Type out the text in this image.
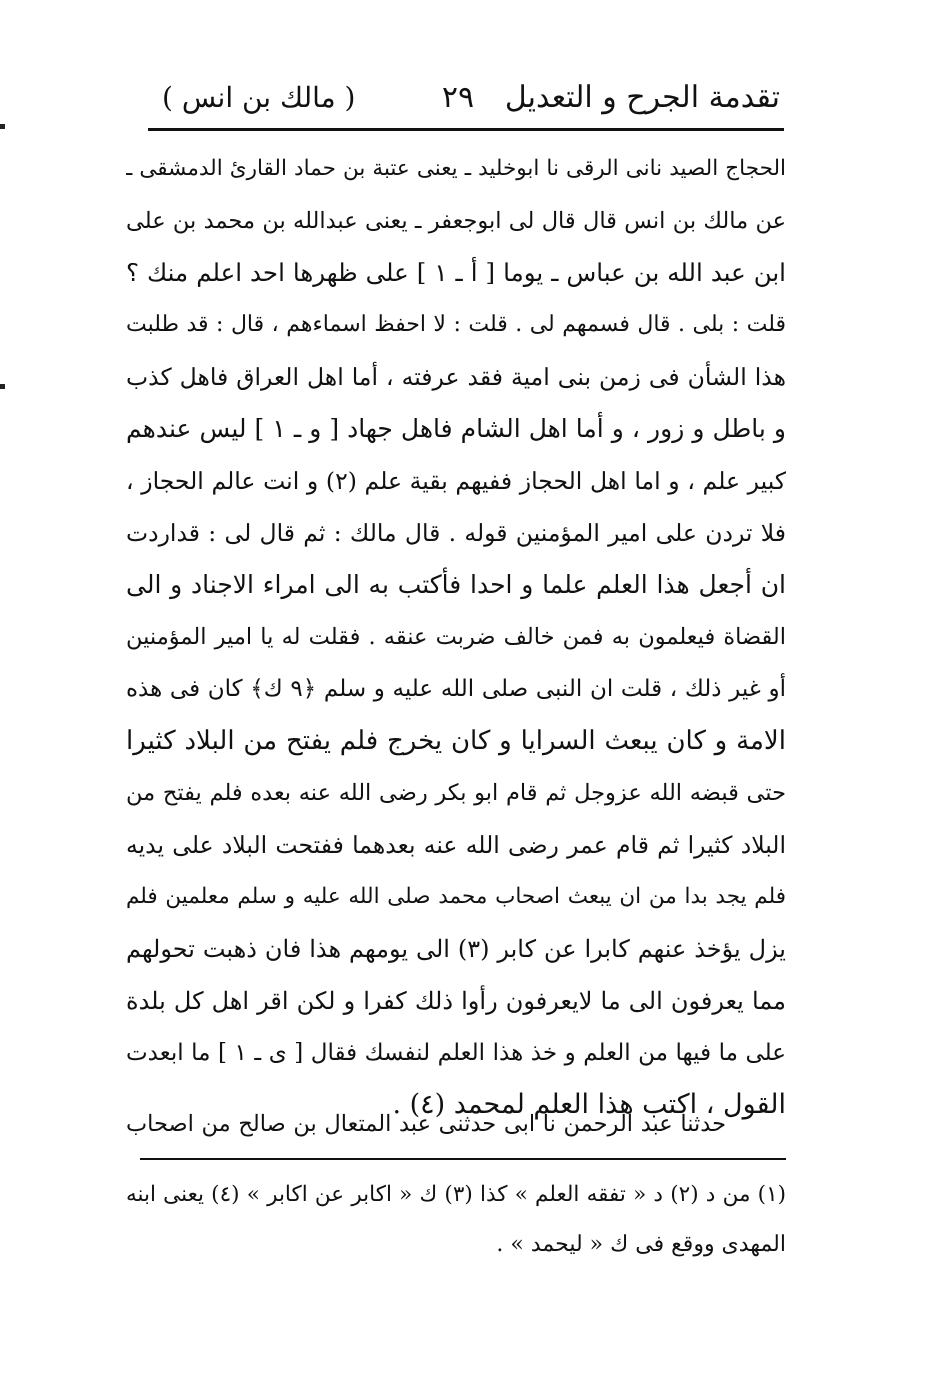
تقدمة الجرح و التعديل
٢٩
( مالك بن انس )
الحجاج الصيد نانى الرقى نا ابوخليد ـ يعنى عتبة بن حماد القارئ الدمشقى ـ
عن مالك بن انس قال قال لى ابوجعفر ـ يعنى عبدالله بن محمد بن على
ابن عبد الله بن عباس ـ يوما [ أ ـ ١ ] على ظهرها احد اعلم منك ؟
قلت : بلى . قال فسمهم لى . قلت : لا احفظ اسماءهم ، قال : قد طلبت
هذا الشأن فى زمن بنى امية فقد عرفته ، أما اهل العراق فاهل كذب
و باطل و زور ، و أما اهل الشام فاهل جهاد [ و ـ ١ ] ليس عندهم
كبير علم ، و اما اهل الحجاز ففيهم بقية علم (٢) و انت عالم الحجاز ،
فلا تردن على امير المؤمنين قوله . قال مالك : ثم قال لى : قداردت
ان أجعل هذا العلم علما و احدا فأكتب به الى امراء الاجناد و الى
القضاة فيعلمون به فمن خالف ضربت عنقه . فقلت له يا امير المؤمنين
أو غير ذلك ، قلت ان النبى صلى الله عليه و سلم ﴿٩ ك﴾ كان فى هذه
الامة و كان يبعث السرايا و كان يخرج فلم يفتح من البلاد كثيرا
حتى قبضه الله عزوجل ثم قام ابو بكر رضى الله عنه بعده فلم يفتح من
البلاد كثيرا ثم قام عمر رضى الله عنه بعدهما ففتحت البلاد على يديه
فلم يجد بدا من ان يبعث اصحاب محمد صلى الله عليه و سلم معلمين فلم
يزل يؤخذ عنهم كابرا عن كابر (٣) الى يومهم هذا فان ذهبت تحولهم
مما يعرفون الى ما لايعرفون رأوا ذلك كفرا و لكن اقر اهل كل بلدة
على ما فيها من العلم و خذ هذا العلم لنفسك فقال [ ى ـ ١ ] ما ابعدت
القول ، اكتب هذا العلم لمحمد (٤) .
حدثنا عبد الرحمن نا ابى حدثنى عبد المتعال بن صالح من اصحاب
(١) من د (٢) د « تفقه العلم » كذا (٣) ك « اكابر عن اكابر » (٤) يعنى ابنه
المهدى ووقع فى ك « ليحمد » .
